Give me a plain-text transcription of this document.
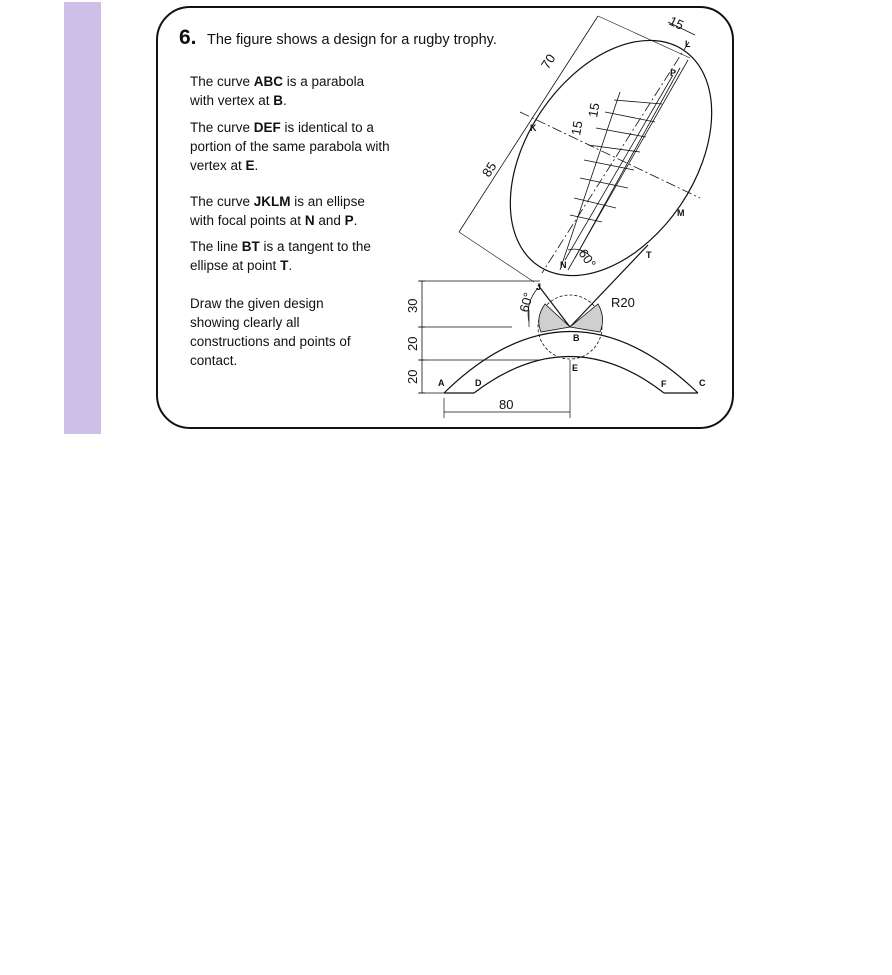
6. The figure shows a design for a rugby trophy.
The curve ABC is a parabola with vertex at B.
The curve DEF is identical to a portion of the same parabola with vertex at E.
The curve JKLM is an ellipse with focal points at N and P.
The line BT is a tangent to the ellipse at point T.
Draw the given design showing clearly all constructions and points of contact.
A
B
C
D
E
F
J
K
L
M
N
P
T
15
70
85
15
15
60°
60°	R20
30
20
20
80
